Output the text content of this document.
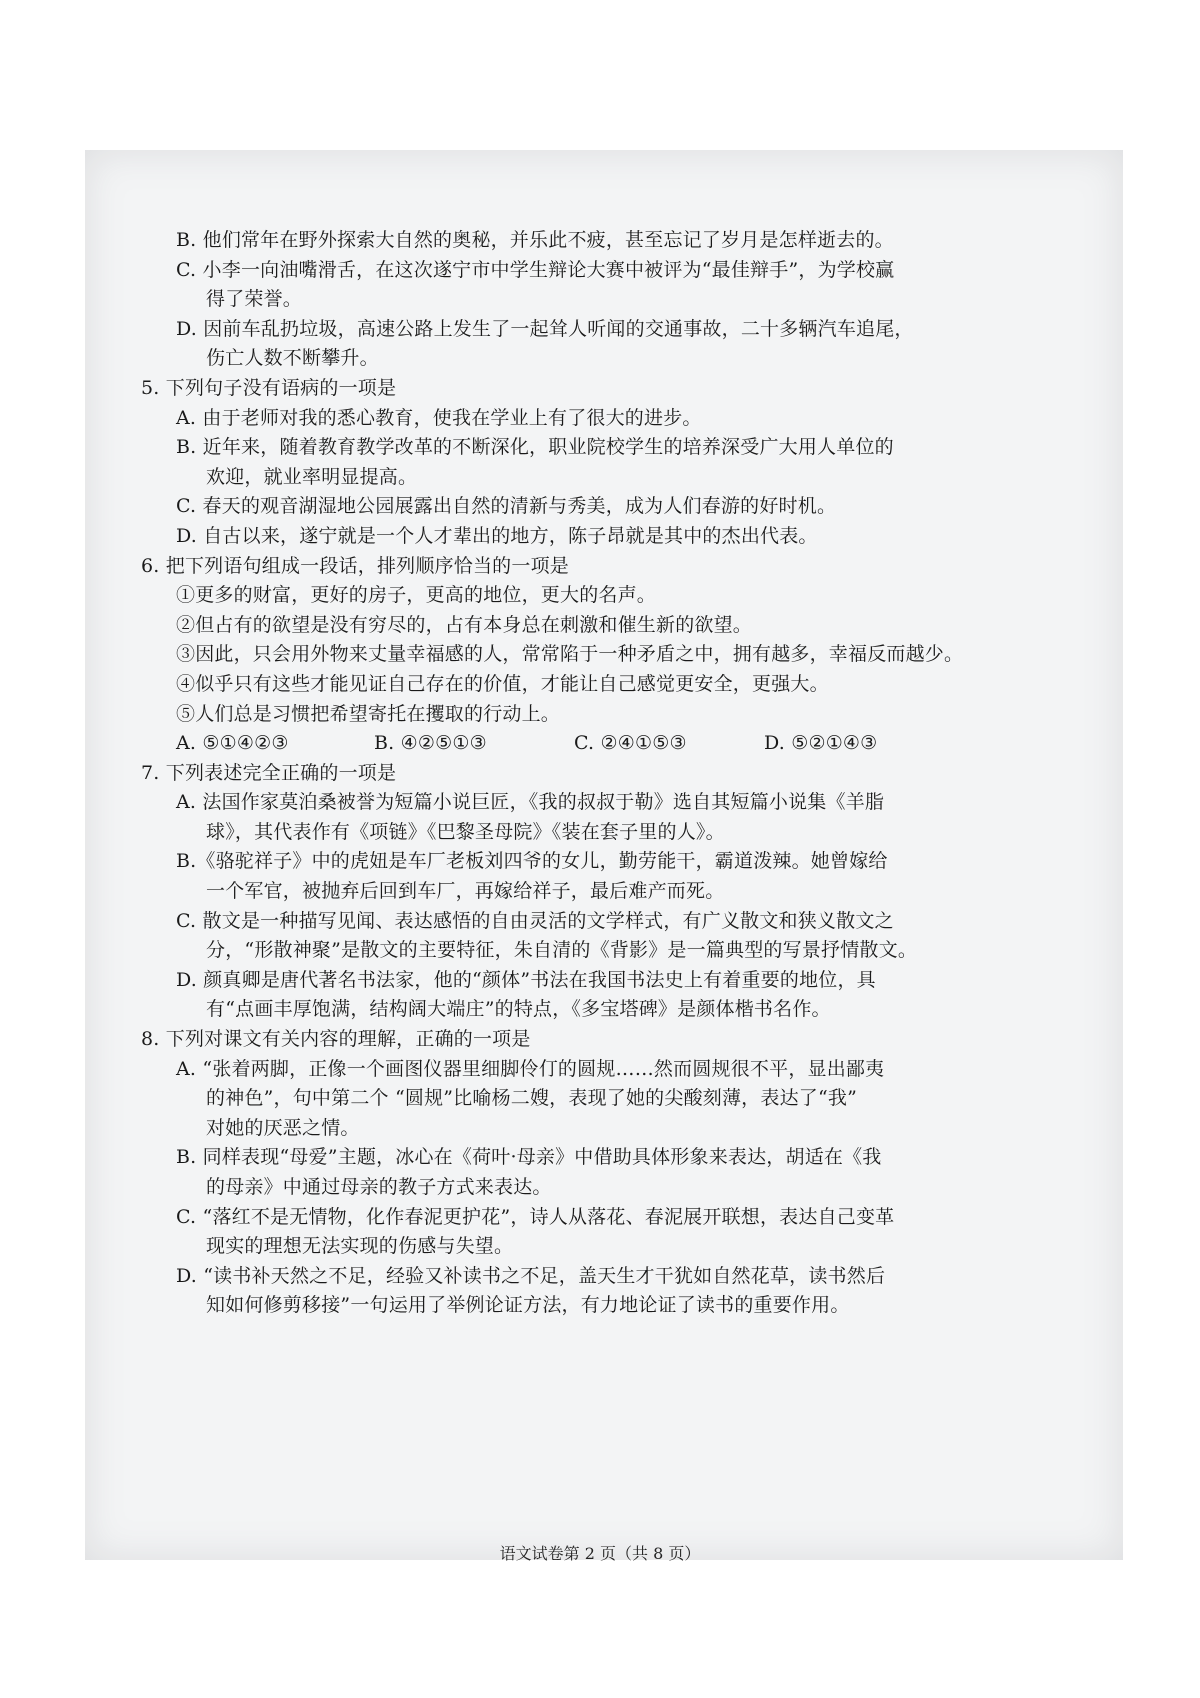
B. 他们常年在野外探索大自然的奥秘，并乐此不疲，甚至忘记了岁月是怎样逝去的。
C. 小李一向油嘴滑舌，在这次遂宁市中学生辩论大赛中被评为“最佳辩手”，为学校赢
得了荣誉。
D. 因前车乱扔垃圾，高速公路上发生了一起耸人听闻的交通事故，二十多辆汽车追尾，
伤亡人数不断攀升。
5. 下列句子没有语病的一项是
A. 由于老师对我的悉心教育，使我在学业上有了很大的进步。
B. 近年来，随着教育教学改革的不断深化，职业院校学生的培养深受广大用人单位的
欢迎，就业率明显提高。
C. 春天的观音湖湿地公园展露出自然的清新与秀美，成为人们春游的好时机。
D. 自古以来，遂宁就是一个人才辈出的地方，陈子昂就是其中的杰出代表。
6. 把下列语句组成一段话，排列顺序恰当的一项是
①更多的财富，更好的房子，更高的地位，更大的名声。
②但占有的欲望是没有穷尽的，占有本身总在刺激和催生新的欲望。
③因此，只会用外物来丈量幸福感的人，常常陷于一种矛盾之中，拥有越多，幸福反而越少。
④似乎只有这些才能见证自己存在的价值，才能让自己感觉更安全，更强大。
⑤人们总是习惯把希望寄托在攫取的行动上。
A. ⑤①④②③	B. ④②⑤①③	C. ②④①⑤③	D. ⑤②①④③
7. 下列表述完全正确的一项是
A. 法国作家莫泊桑被誉为短篇小说巨匠，《我的叔叔于勒》选自其短篇小说集《羊脂
球》，其代表作有《项链》《巴黎圣母院》《装在套子里的人》。
B.《骆驼祥子》中的虎妞是车厂老板刘四爷的女儿，勤劳能干，霸道泼辣。她曾嫁给
一个军官，被抛弃后回到车厂，再嫁给祥子，最后难产而死。
C. 散文是一种描写见闻、表达感悟的自由灵活的文学样式，有广义散文和狭义散文之
分，“形散神聚”是散文的主要特征，朱自清的《背影》是一篇典型的写景抒情散文。
D. 颜真卿是唐代著名书法家，他的“颜体”书法在我国书法史上有着重要的地位，具
有“点画丰厚饱满，结构阔大端庄”的特点，《多宝塔碑》是颜体楷书名作。
8. 下列对课文有关内容的理解，正确的一项是
A. “张着两脚，正像一个画图仪器里细脚伶仃的圆规……然而圆规很不平，显出鄙夷
的神色”，句中第二个 “圆规”比喻杨二嫂，表现了她的尖酸刻薄，表达了“我”
对她的厌恶之情。
B. 同样表现“母爱”主题，冰心在《荷叶·母亲》中借助具体形象来表达，胡适在《我
的母亲》中通过母亲的教子方式来表达。
C. “落红不是无情物，化作春泥更护花”，诗人从落花、春泥展开联想，表达自己变革
现实的理想无法实现的伤感与失望。
D. “读书补天然之不足，经验又补读书之不足，盖天生才干犹如自然花草，读书然后
知如何修剪移接”一句运用了举例论证方法，有力地论证了读书的重要作用。
语文试卷第 2 页（共 8 页）
